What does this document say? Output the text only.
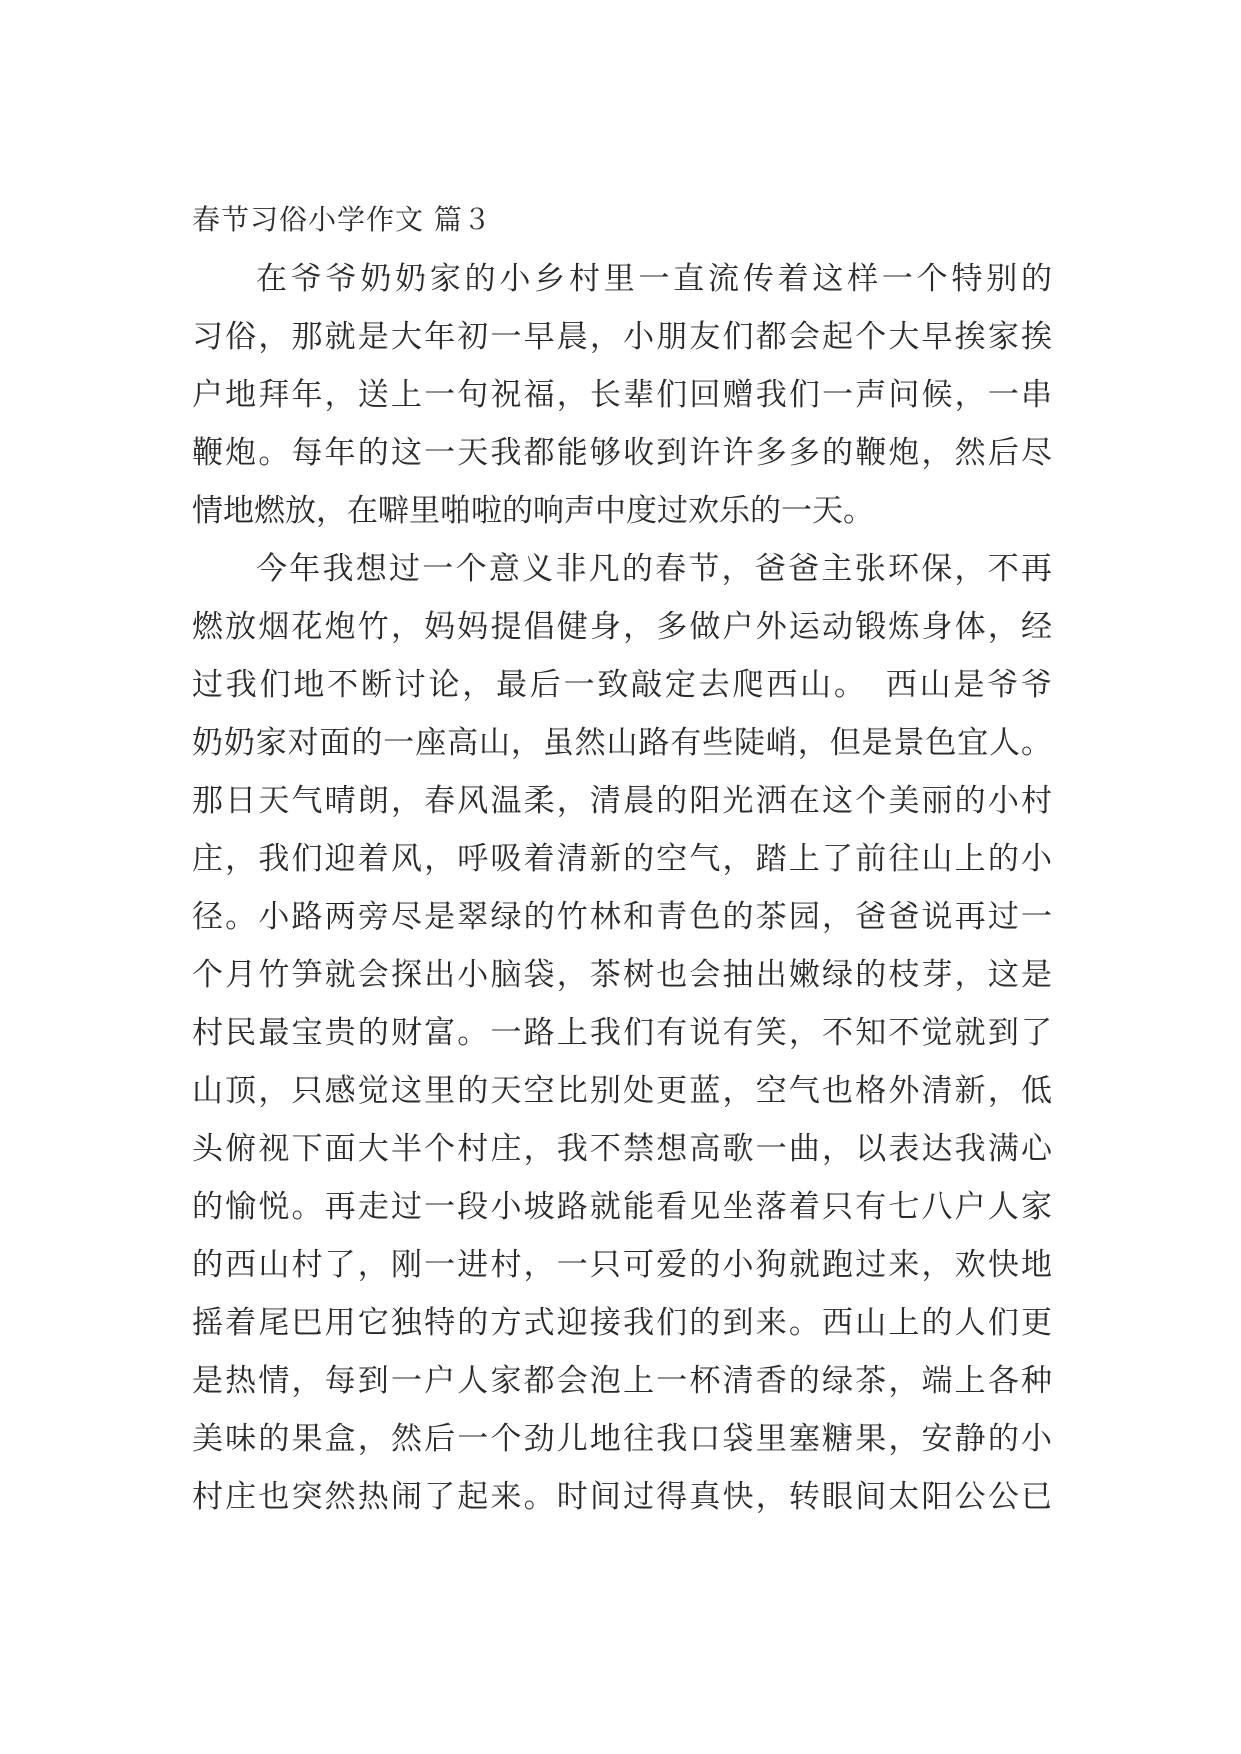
春节习俗小学作文 篇３
在爷爷奶奶家的小乡村里一直流传着这样一个特别的
习俗，那就是大年初一早晨，小朋友们都会起个大早挨家挨
户地拜年，送上一句祝福，长辈们回赠我们一声问候，一串
鞭炮。每年的这一天我都能够收到许许多多的鞭炮，然后尽
情地燃放，在噼里啪啦的响声中度过欢乐的一天。
今年我想过一个意义非凡的春节，爸爸主张环保，不再
燃放烟花炮竹，妈妈提倡健身，多做户外运动锻炼身体，经
过我们地不断讨论，最后一致敲定去爬西山。　西山是爷爷
奶奶家对面的一座高山，虽然山路有些陡峭，但是景色宜人。
那日天气晴朗，春风温柔，清晨的阳光洒在这个美丽的小村
庄，我们迎着风，呼吸着清新的空气，踏上了前往山上的小
径。小路两旁尽是翠绿的竹林和青色的茶园，爸爸说再过一
个月竹笋就会探出小脑袋，茶树也会抽出嫩绿的枝芽，这是
村民最宝贵的财富。一路上我们有说有笑，不知不觉就到了
山顶，只感觉这里的天空比别处更蓝，空气也格外清新，低
头俯视下面大半个村庄，我不禁想高歌一曲，以表达我满心
的愉悦。再走过一段小坡路就能看见坐落着只有七八户人家
的西山村了，刚一进村，一只可爱的小狗就跑过来，欢快地
摇着尾巴用它独特的方式迎接我们的到来。西山上的人们更
是热情，每到一户人家都会泡上一杯清香的绿茶，端上各种
美味的果盒，然后一个劲儿地往我口袋里塞糖果，安静的小
村庄也突然热闹了起来。时间过得真快，转眼间太阳公公已
